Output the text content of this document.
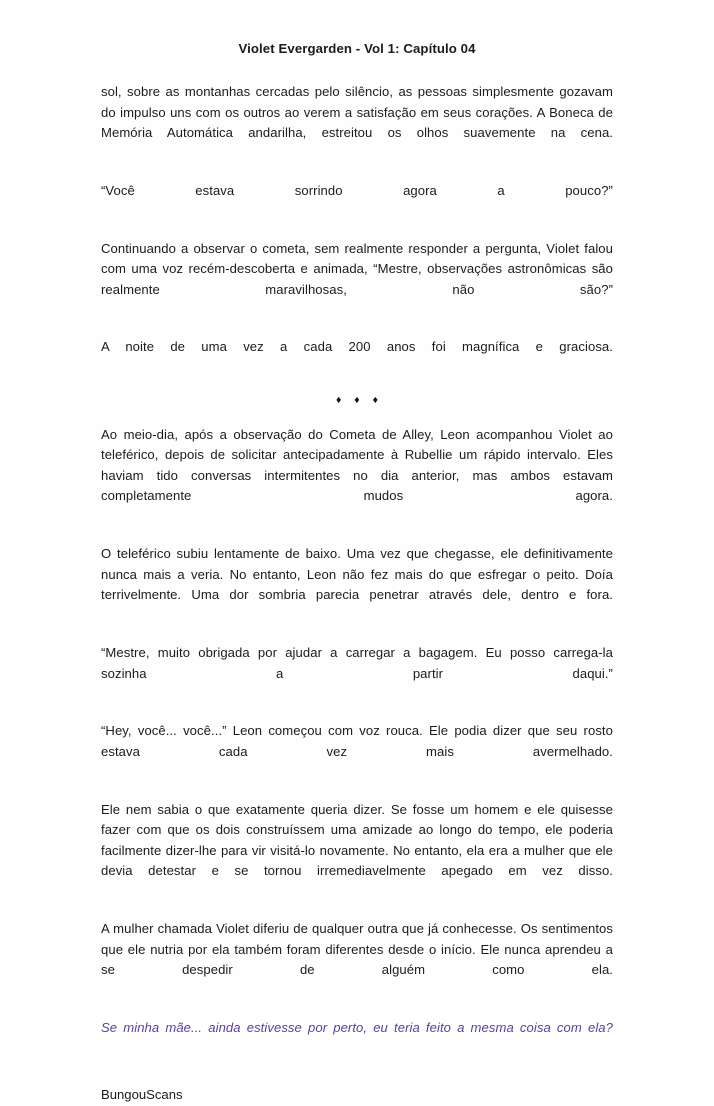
Violet Evergarden - Vol 1: Capítulo 04

sol, sobre as montanhas cercadas pelo silêncio, as pessoas simplesmente gozavam do impulso uns com os outros ao verem a satisfação em seus corações. A Boneca de Memória Automática andarilha, estreitou os olhos suavemente na cena.

“Você estava sorrindo agora a pouco?”

Continuando a observar o cometa, sem realmente responder a pergunta, Violet falou com uma voz recém-descoberta e animada, “Mestre, observações astronômicas são realmente maravilhosas, não são?”

A noite de uma vez a cada 200 anos foi magnífica e graciosa.

♦ ♦ ♦

Ao meio-dia, após a observação do Cometa de Alley, Leon acompanhou Violet ao teleférico, depois de solicitar antecipadamente à Rubellie um rápido intervalo. Eles haviam tido conversas intermitentes no dia anterior, mas ambos estavam completamente mudos agora.

O teleférico subiu lentamente de baixo. Uma vez que chegasse, ele definitivamente nunca mais a veria. No entanto, Leon não fez mais do que esfregar o peito. Doía terrivelmente. Uma dor sombria parecia penetrar através dele, dentro e fora.

“Mestre, muito obrigada por ajudar a carregar a bagagem. Eu posso carrega-la sozinha a partir daqui.”

“Hey, você... você...” Leon começou com voz rouca. Ele podia dizer que seu rosto estava cada vez mais avermelhado.

Ele nem sabia o que exatamente queria dizer. Se fosse um homem e ele quisesse fazer com que os dois construíssem uma amizade ao longo do tempo, ele poderia facilmente dizer-lhe para vir visitá-lo novamente. No entanto, ela era a mulher que ele devia detestar e se tornou irremediavelmente apegado em vez disso.

A mulher chamada Violet diferiu de qualquer outra que já conhecesse. Os sentimentos que ele nutria por ela também foram diferentes desde o início. Ele nunca aprendeu a se despedir de alguém como ela.

Se minha mãe... ainda estivesse por perto, eu teria feito a mesma coisa com ela?

BungouScans
